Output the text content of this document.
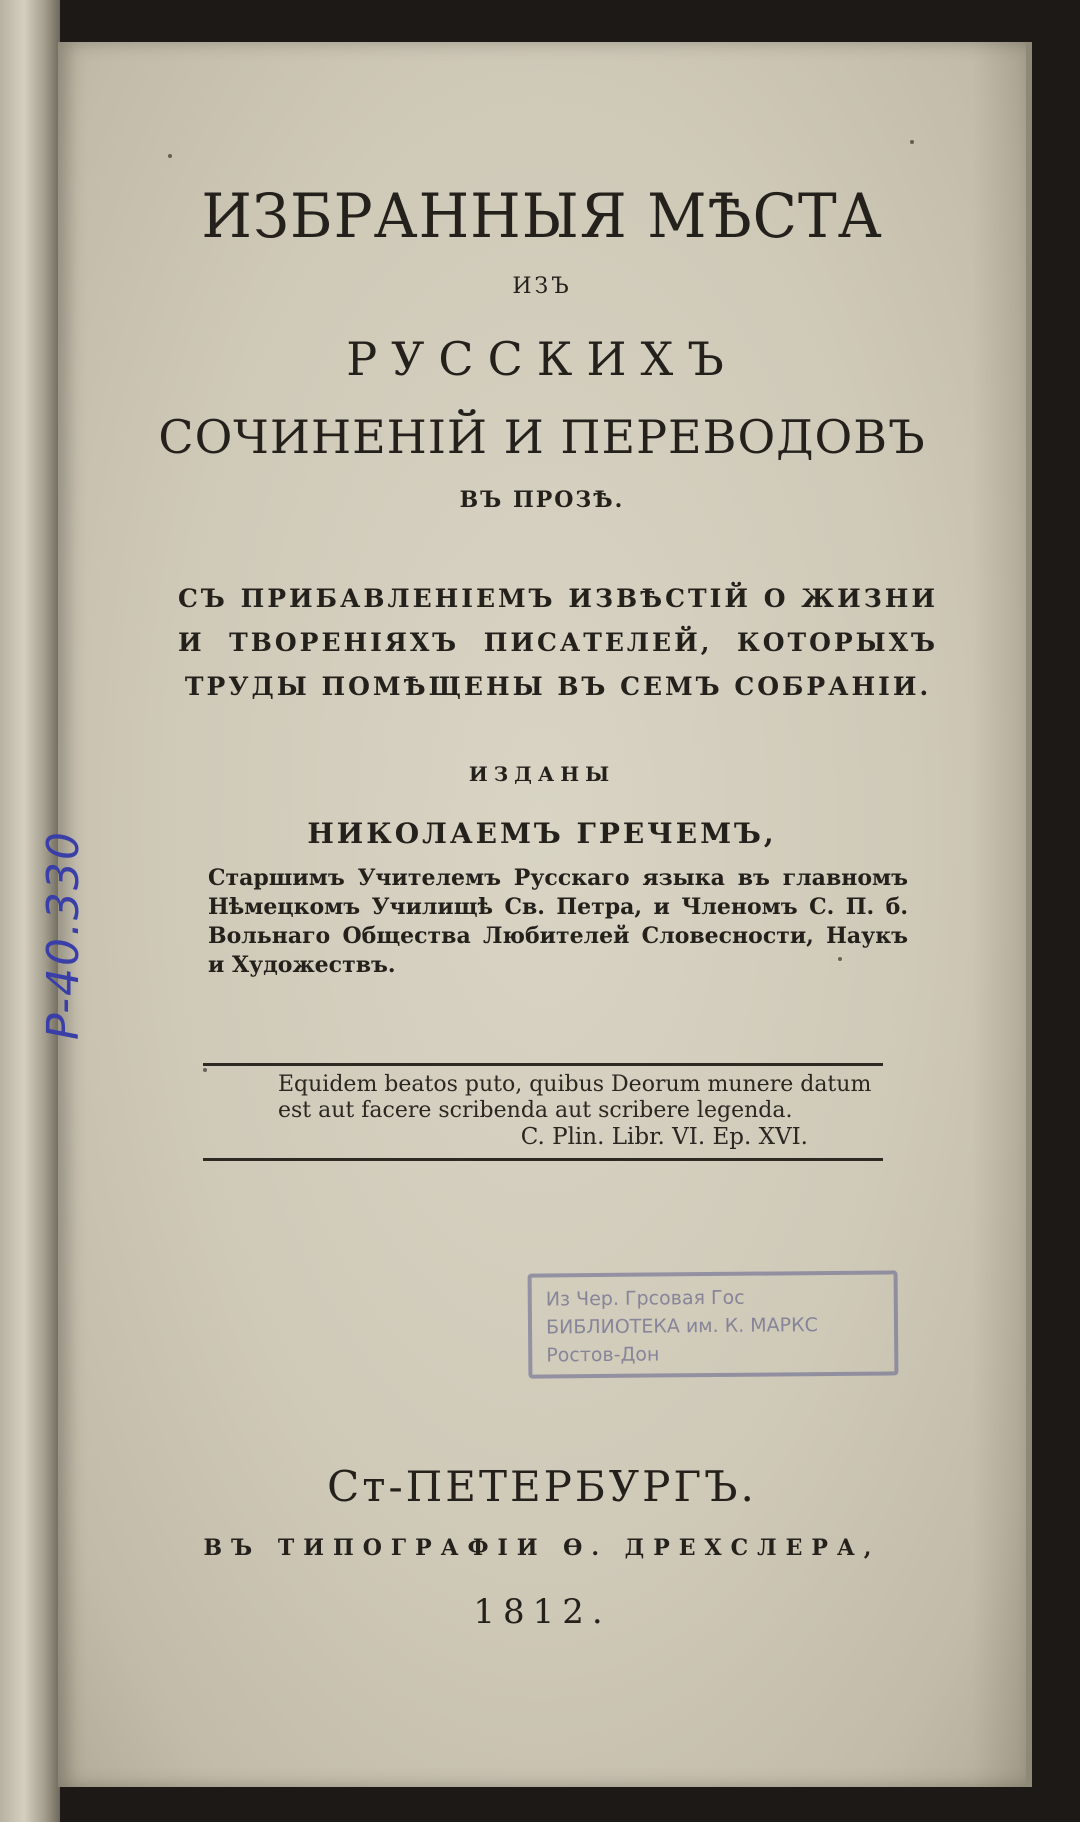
ИЗБРАННЫЯ МѢСТА
ИЗЪ
РУССКИХЪ
СОЧИНЕНІЙ И ПЕРЕВОДОВЪ
ВЪ ПРОЗѢ.
СЪ ПРИБАВЛЕНІЕМЪ ИЗВѢСТІЙ О ЖИЗНИ И ТВОРЕНІЯХЪ ПИСАТЕЛЕЙ, КОТОРЫХЪ ТРУДЫ ПОМѢЩЕНЫ ВЪ СЕМЪ СОБРАНІИ.
ИЗДАНЫ
НИКОЛАЕМЪ ГРЕЧЕМЪ,
Старшимъ Учителемъ Русскаго языка въ главномъ Нѣмецкомъ Училищѣ Св. Петра, и Членомъ С. П. б. Вольнаго Общества Любителей Словесности, Наукъ и Художествъ.
Equidem beatos puto, quibus Deorum munere datum
est aut facere scribenda aut scribere legenda.
C. Plin. Libr. VI. Ep. XVI.
Из Чер. Грсовая Гос
БИБЛИОТЕКА им. К. МАРКС
Ростов-Дон
Ст-ПЕТЕРБУРГЪ.
ВЪ ТИПОГРАФІИ Ѳ. ДРЕХСЛЕРА,
1812.
P-40.330
